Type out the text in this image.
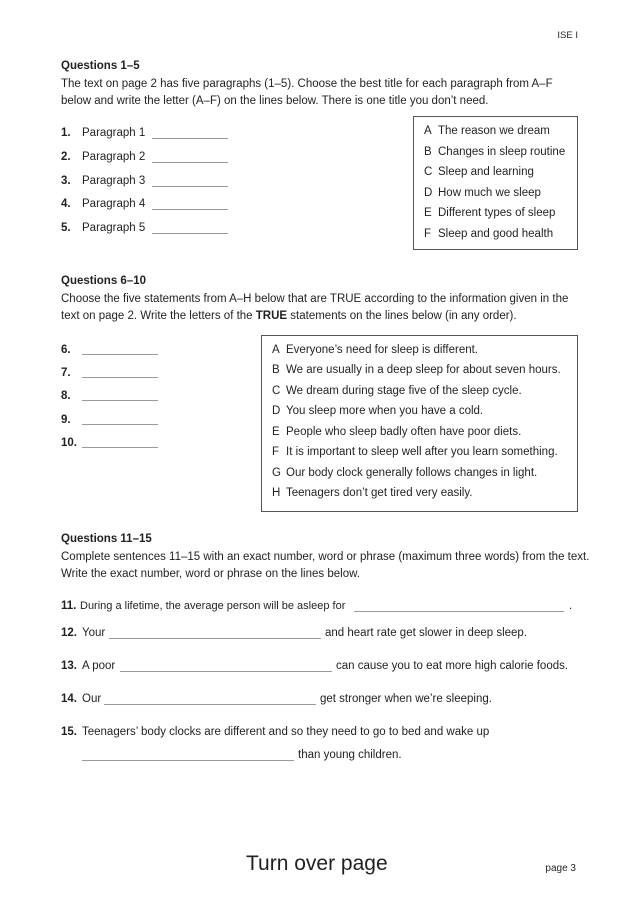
ISE I
Questions 1–5
The text on page 2 has five paragraphs (1–5). Choose the best title for each paragraph from A–F below and write the letter (A–F) on the lines below. There is one title you don’t need.
1. Paragraph 1
2. Paragraph 2
3. Paragraph 3
4. Paragraph 4
5. Paragraph 5
A The reason we dream
B Changes in sleep routine
C Sleep and learning
D How much we sleep
E Different types of sleep
F Sleep and good health
Questions 6–10
Choose the five statements from A–H below that are TRUE according to the information given in the text on page 2. Write the letters of the TRUE statements on the lines below (in any order).
6.
7.
8.
9.
10.
A Everyone’s need for sleep is different.
B We are usually in a deep sleep for about seven hours.
C We dream during stage five of the sleep cycle.
D You sleep more when you have a cold.
E People who sleep badly often have poor diets.
F It is important to sleep well after you learn something.
G Our body clock generally follows changes in light.
H Teenagers don’t get tired very easily.
Questions 11–15
Complete sentences 11–15 with an exact number, word or phrase (maximum three words) from the text.
Write the exact number, word or phrase on the lines below.
11. During a lifetime, the average person will be asleep for	.
12. Your	and heart rate get slower in deep sleep.
13. A poor	can cause you to eat more high calorie foods.
14. Our	get stronger when we’re sleeping.
15. Teenagers’ body clocks are different and so they need to go to bed and wake up
than young children.
Turn over page	page 3
